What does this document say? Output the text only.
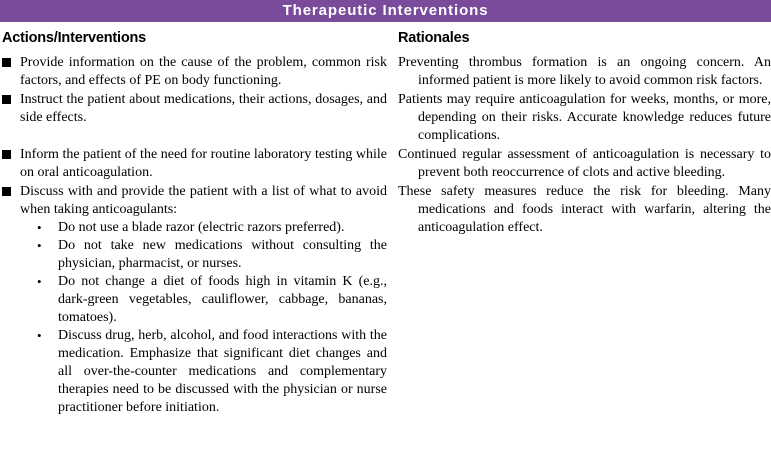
Therapeutic Interventions
Actions/Interventions	Rationales
Provide information on the cause of the problem, common risk factors, and effects of PE on body functioning.

Preventing thrombus formation is an ongoing concern. An informed patient is more likely to avoid common risk factors.

Instruct the patient about medications, their actions, dosages, and side effects.

Patients may require anticoagulation for weeks, months, or more, depending on their risks. Accurate knowledge reduces future complications.

Inform the patient of the need for routine laboratory testing while on oral anticoagulation.

Continued regular assessment of anticoagulation is necessary to prevent both reoccurrence of clots and active bleeding.

Discuss with and provide the patient with a list of what to avoid when taking anticoagulants:
• Do not use a blade razor (electric razors preferred).
• Do not take new medications without consulting the physician, pharmacist, or nurses.
• Do not change a diet of foods high in vitamin K (e.g., dark-green vegetables, cauliflower, cabbage, bananas, tomatoes).
• Discuss drug, herb, alcohol, and food interactions with the medication. Emphasize that significant diet changes and all over-the-counter medications and complementary therapies need to be discussed with the physician or nurse practitioner before initiation.

These safety measures reduce the risk for bleeding. Many medications and foods interact with warfarin, altering the anticoagulation effect.
